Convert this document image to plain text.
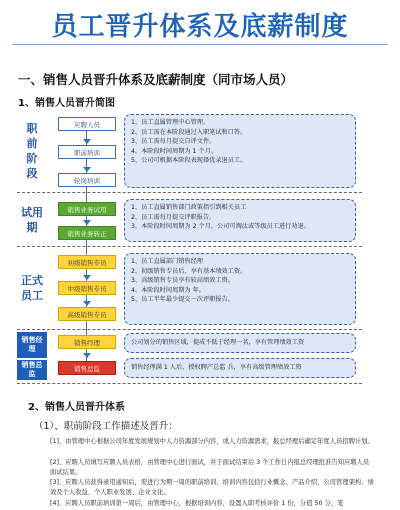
员工晋升体系及底薪制度
一、销售人员晋升体系及底薪制度（同市场人员）
1、销售人员晋升简图
职前阶段
试用期
正式员工
销售经理
销售总监
应聘人员
职前培训
轮岗培训
销售业务试用
销售业务转正
初级销售专员
中级销售专员
高级销售专员
销售经理
销售总监
1、员工直属管理中心管理。
2、员工需在本阶段通过入职笔试和口答。
3、员工需每月提交自评文件。
4、本阶段时间周期为 1 个月。
5、公司可根据本阶段表现择优录退员工。
1、员工直属销售部门政策指引到相关员工
2、员工需每月提交评职报告。
3、本阶段时间周期为 2 个月，公司可淘汰或等级员工进行劝退。
1、员工直属部门销售经理
2、初级销售专员后，享有基本绩效工资。
3、高级销售专员享有较高绩效工资。
4、本阶段时间周期为 年。
5、员工半年最少提交一次评职报告。
公司划分的销售区域，提成不低于经理一名，享有管理绩效工资
销售经理满 1 人后，授权聘产总监 兵，享有高级管理绩效工资
2、销售人员晋升体系
（1）、职前阶段工作描述及晋升：
[1]、由管理中心根据公司年度发展规划中人力资源部分内容，或人力资源需求，报总经理后确定年度人员招聘计划。
[2]、应聘人员填写应聘人员表格，由管理中心进行面试，并于面试结束后 3 个工作日内报总经理批准告知应聘人员面试结果。
[3]、应聘人员获得录用通知后，需进行为期一周的职前培训，培训内容包括行业概念、产品介绍、公司管理架构、绩效及个人收益、个人职业发展、企业文化。
[4]、应聘人员职前培训第一周后，由管理中心，根据培训内容，设置入职考核评价 1 份，分值 50 分，笔
